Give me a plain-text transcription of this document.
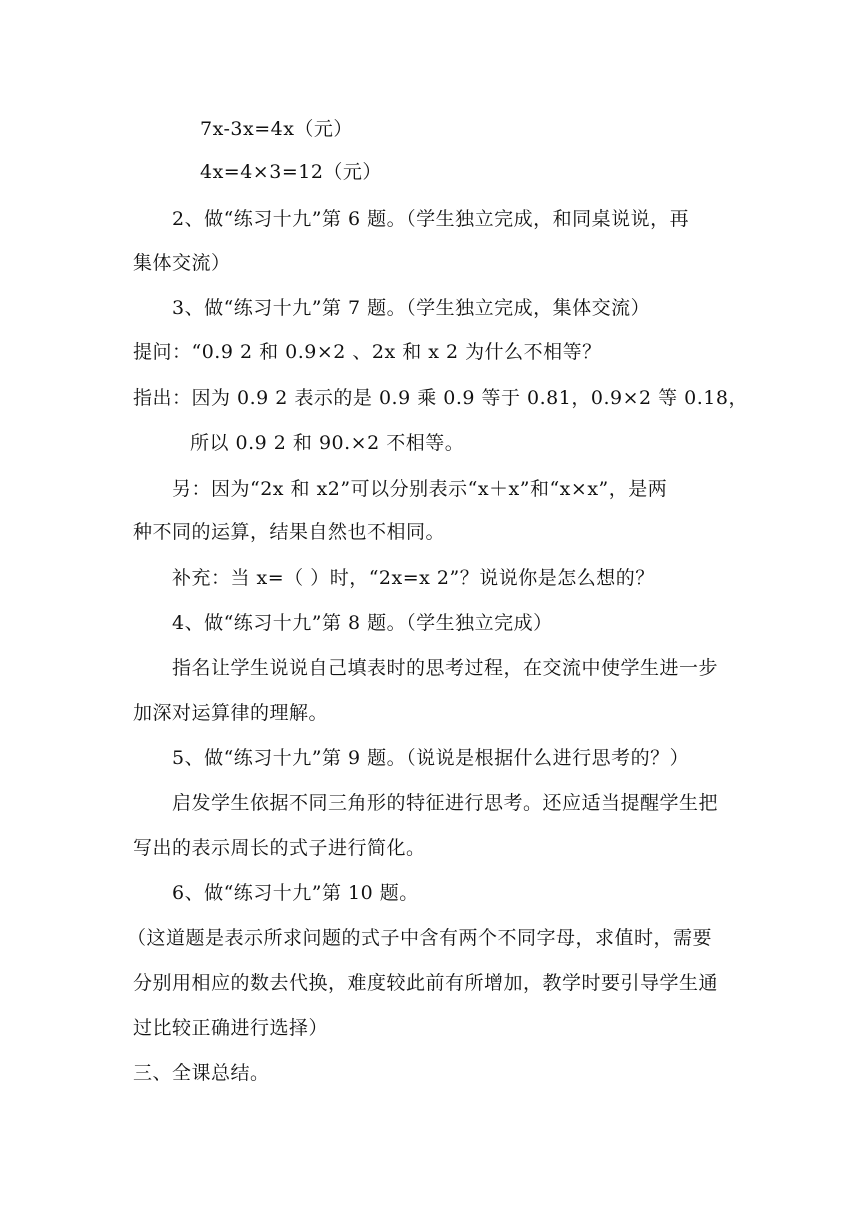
7x-3x=4x（元）
4x=4×3=12（元）
2、做“练习十九”第 6 题。（学生独立完成，和同桌说说，再
集体交流）
3、做“练习十九”第 7 题。（学生独立完成，集体交流）
提问：“0.9 2 和 0.9×2 、2x 和 x 2 为什么不相等？
指出：因为 0.9 2 表示的是 0.9 乘 0.9 等于 0.81，0.9×2 等 0.18，
所以 0.9 2 和 90.×2 不相等。
另：因为“2x 和 x2”可以分别表示“x＋x”和“x×x”，是两
种不同的运算，结果自然也不相同。
补充：当 x=（ ）时，“2x=x 2”？说说你是怎么想的？
4、做“练习十九”第 8 题。（学生独立完成）
指名让学生说说自己填表时的思考过程，在交流中使学生进一步
加深对运算律的理解。
5、做“练习十九”第 9 题。（说说是根据什么进行思考的？）
启发学生依据不同三角形的特征进行思考。还应适当提醒学生把
写出的表示周长的式子进行简化。
6、做“练习十九”第 10 题。
（这道题是表示所求问题的式子中含有两个不同字母，求值时，需要
分别用相应的数去代换，难度较此前有所增加，教学时要引导学生通
过比较正确进行选择）
三、全课总结。
